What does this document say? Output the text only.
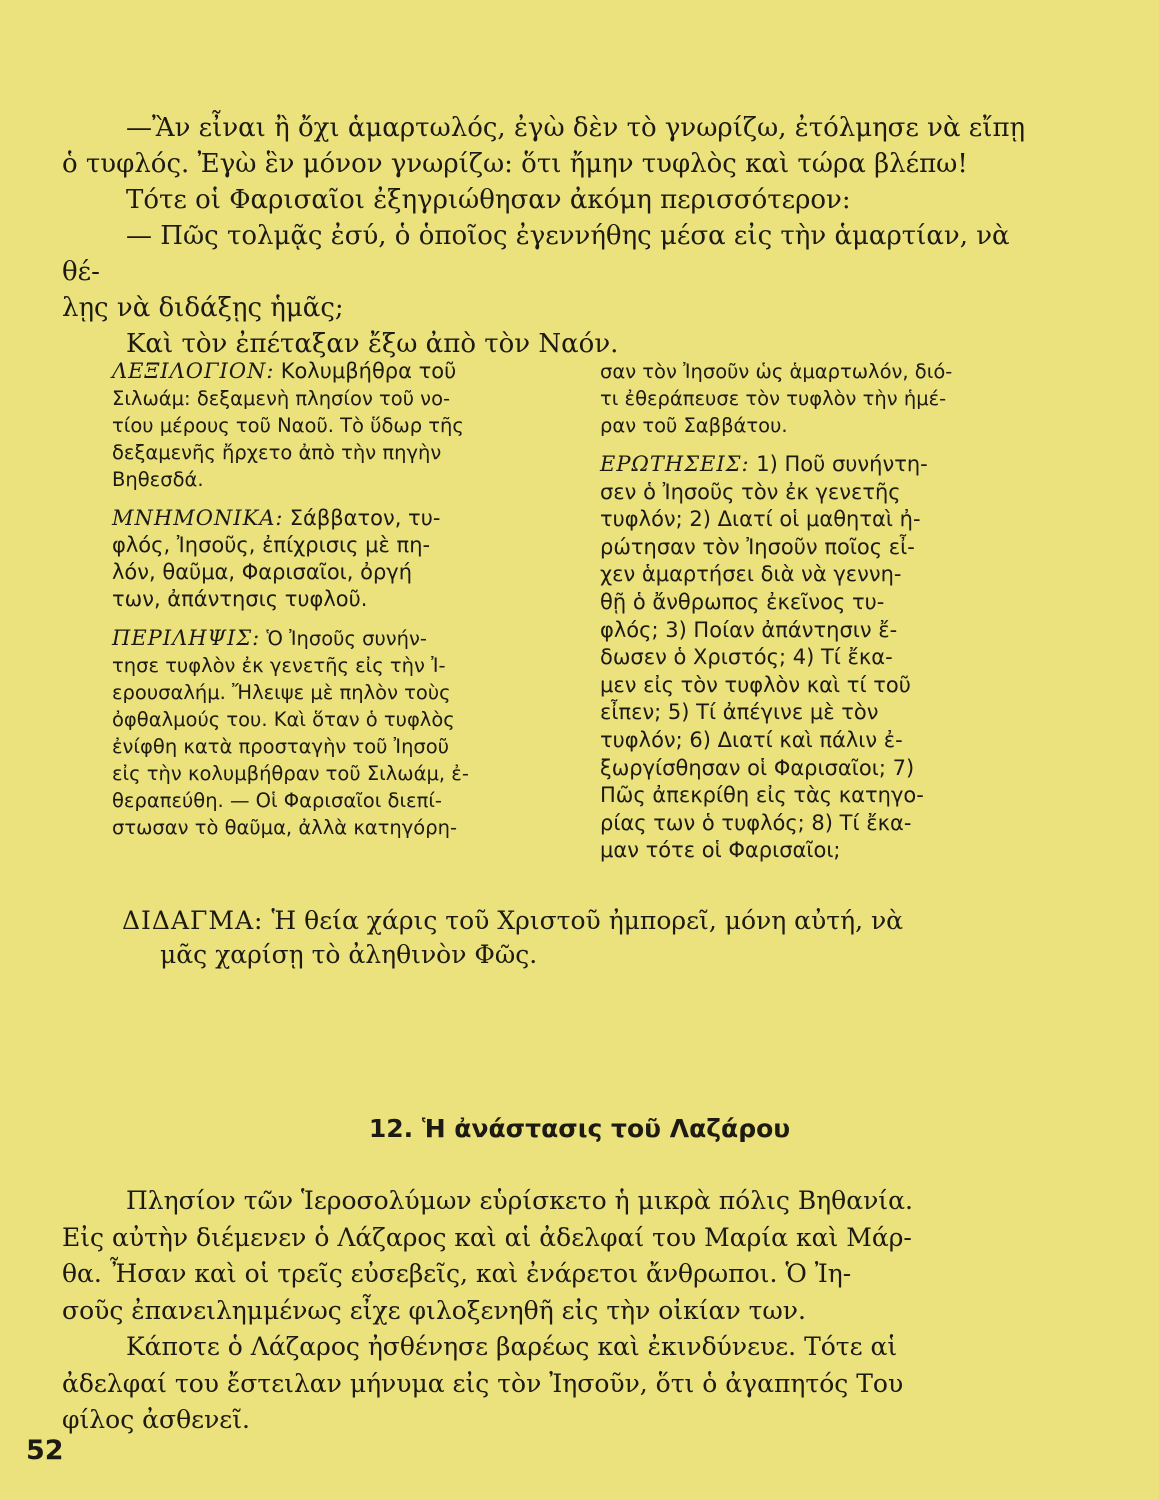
—Ἂν εἶναι ἢ ὄχι ἁμαρτωλός, ἐγὼ δὲν τὸ γνωρίζω, ἐτόλμησε νὰ εἴπῃ

ὁ τυφλός. Ἐγὼ ἓν μόνον γνωρίζω: ὅτι ἤμην τυφλὸς καὶ τώρα βλέπω!

Τότε οἱ Φαρισαῖοι ἐξηγριώθησαν ἀκόμη περισσότερον:

— Πῶς τολμᾷς ἐσύ, ὁ ὁποῖος ἐγεννήθης μέσα εἰς τὴν ἁμαρτίαν, νὰ θέ-

λῃς νὰ διδάξῃς ἡμᾶς;

Καὶ τὸν ἐπέταξαν ἔξω ἀπὸ τὸν Ναόν.

ΛΕΞΙΛΟΓΙΟΝ: Κολυμβήθρα τοῦ
Σιλωάμ: δεξαμενὴ πλησίον τοῦ νο-
τίου μέρους τοῦ Ναοῦ. Τὸ ὕδωρ τῆς
δεξαμενῆς ἤρχετο ἀπὸ τὴν πηγὴν
Βηθεσδά.
ΜΝΗΜΟΝΙΚΑ: Σάββατον, τυ-
φλός, Ἰησοῦς, ἐπίχρισις μὲ πη-
λόν, θαῦμα, Φαρισαῖοι, ὀργή
των, ἀπάντησις τυφλοῦ.
ΠΕΡΙΛΗΨΙΣ: Ὁ Ἰησοῦς συνήν-
τησε τυφλὸν ἐκ γενετῆς εἰς τὴν Ἰ-
ερουσαλήμ. Ἤλειψε μὲ πηλὸν τοὺς
ὀφθαλμούς του. Καὶ ὅταν ὁ τυφλὸς
ἐνίφθη κατὰ προσταγὴν τοῦ Ἰησοῦ
εἰς τὴν κολυμβήθραν τοῦ Σιλωάμ, ἐ-
θεραπεύθη. — Οἱ Φαρισαῖοι διεπί-
στωσαν τὸ θαῦμα, ἀλλὰ κατηγόρη-
σαν τὸν Ἰησοῦν ὡς ἁμαρτωλόν, διό-
τι ἐθεράπευσε τὸν τυφλὸν τὴν ἡμέ-
ραν τοῦ Σαββάτου.
ΕΡΩΤΗΣΕΙΣ: 1) Ποῦ συνήντη-
σεν ὁ Ἰησοῦς τὸν ἐκ γενετῆς
τυφλόν; 2) Διατί οἱ μαθηταὶ ἠ-
ρώτησαν τὸν Ἰησοῦν ποῖος εἶ-
χεν ἁμαρτήσει διὰ νὰ γεννη-
θῇ ὁ ἄνθρωπος ἐκεῖνος τυ-
φλός; 3) Ποίαν ἀπάντησιν ἔ-
δωσεν ὁ Χριστός; 4) Τί ἔκα-
μεν εἰς τὸν τυφλὸν καὶ τί τοῦ
εἶπεν; 5) Τί ἀπέγινε μὲ τὸν
τυφλόν; 6) Διατί καὶ πάλιν ἐ-
ξωργίσθησαν οἱ Φαρισαῖοι; 7)
Πῶς ἀπεκρίθη εἰς τὰς κατηγο-
ρίας των ὁ τυφλός; 8) Τί ἔκα-
μαν τότε οἱ Φαρισαῖοι;
ΔΙΔΑΓΜΑ: Ἡ θεία χάρις τοῦ Χριστοῦ ἠμπορεῖ, μόνη αὐτή, νὰ
μᾶς χαρίσῃ τὸ ἀληθινὸν Φῶς.
12. Ἡ ἀνάστασις τοῦ Λαζάρου

Πλησίον τῶν Ἱεροσολύμων εὑρίσκετο ἡ μικρὰ πόλις Βηθανία.

Εἰς αὐτὴν διέμενεν ὁ Λάζαρος καὶ αἱ ἀδελφαί του Μαρία καὶ Μάρ-

θα. Ἦσαν καὶ οἱ τρεῖς εὐσεβεῖς, καὶ ἐνάρετοι ἄνθρωποι. Ὁ Ἰη-

σοῦς ἐπανειλημμένως εἶχε φιλοξενηθῆ εἰς τὴν οἰκίαν των.

Κάποτε ὁ Λάζαρος ἠσθένησε βαρέως καὶ ἐκινδύνευε. Τότε αἱ

ἀδελφαί του ἔστειλαν μήνυμα εἰς τὸν Ἰησοῦν, ὅτι ὁ ἀγαπητός Του

φίλος ἀσθενεῖ.

52
